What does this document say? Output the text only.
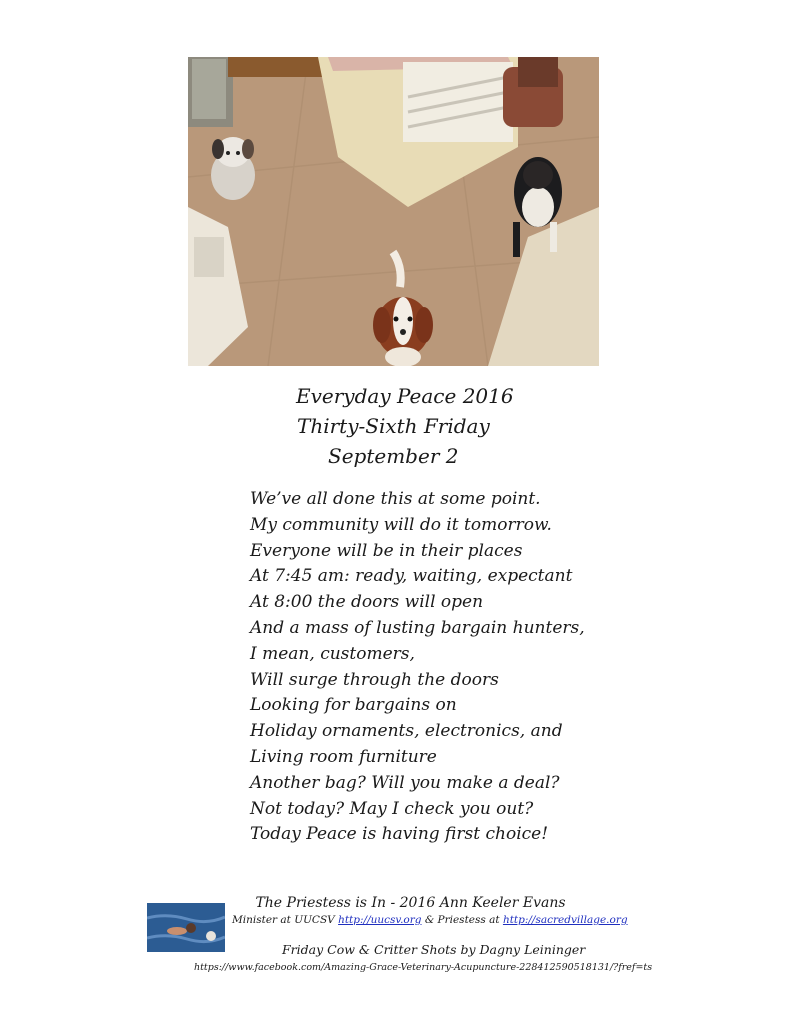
Everyday Peace 2016
Thirty-Sixth Friday
September 2
We’ve all done this at some point.
My community will do it tomorrow.
Everyone will be in their places
At 7:45 am: ready, waiting, expectant
At 8:00 the doors will open
And a mass of lusting bargain hunters,
I mean, customers,
Will surge through the doors
Looking for bargains on
Holiday ornaments, electronics, and
Living room furniture
Another bag? Will you make a deal?
Not today? May I check you out?
Today Peace is having first choice!
The Priestess is In - 2016 Ann Keeler Evans
Minister at UUCSV http://uucsv.org & Priestess at http://sacredvillage.org
Friday Cow & Critter Shots by Dagny Leininger
https://www.facebook.com/Amazing-Grace-Veterinary-Acupuncture-228412590518131/?fref=ts
